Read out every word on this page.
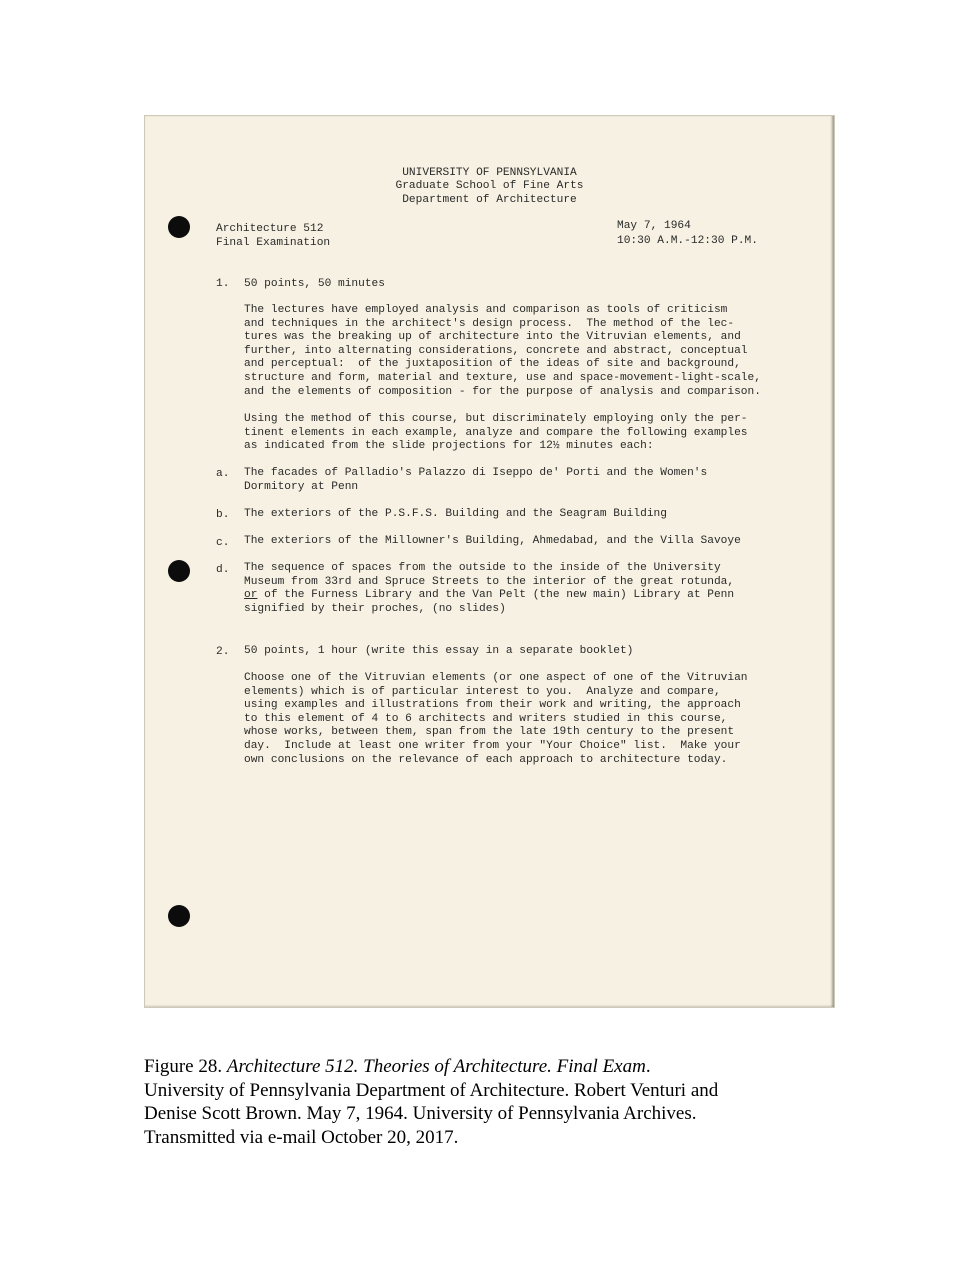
UNIVERSITY OF PENNSYLVANIA
Graduate School of Fine Arts
Department of Architecture
Architecture 512
Final Examination
May 7, 1964
10:30 A.M.-12:30 P.M.
1. 50 points, 50 minutes
The lectures have employed analysis and comparison as tools of criticism
and techniques in the architect's design process.  The method of the lec-
tures was the breaking up of architecture into the Vitruvian elements, and
further, into alternating considerations, concrete and abstract, conceptual
and perceptual:  of the juxtaposition of the ideas of site and background,
structure and form, material and texture, use and space-movement-light-scale,
and the elements of composition - for the purpose of analysis and comparison.
Using the method of this course, but discriminately employing only the per-
tinent elements in each example, analyze and compare the following examples
as indicated from the slide projections for 12½ minutes each:
a. The facades of Palladio's Palazzo di Iseppo de' Porti and the Women's
Dormitory at Penn
b. The exteriors of the P.S.F.S. Building and the Seagram Building
c. The exteriors of the Millowner's Building, Ahmedabad, and the Villa Savoye
d. The sequence of spaces from the outside to the inside of the University
Museum from 33rd and Spruce Streets to the interior of the great rotunda,
or of the Furness Library and the Van Pelt (the new main) Library at Penn
signified by their proches, (no slides)
2. 50 points, 1 hour (write this essay in a separate booklet)
Choose one of the Vitruvian elements (or one aspect of one of the Vitruvian
elements) which is of particular interest to you.  Analyze and compare,
using examples and illustrations from their work and writing, the approach
to this element of 4 to 6 architects and writers studied in this course,
whose works, between them, span from the late 19th century to the present
day.  Include at least one writer from your "Your Choice" list.  Make your
own conclusions on the relevance of each approach to architecture today.
Figure 28. Architecture 512. Theories of Architecture. Final Exam.
University of Pennsylvania Department of Architecture. Robert Venturi and
Denise Scott Brown. May 7, 1964. University of Pennsylvania Archives.
Transmitted via e-mail October 20, 2017.
